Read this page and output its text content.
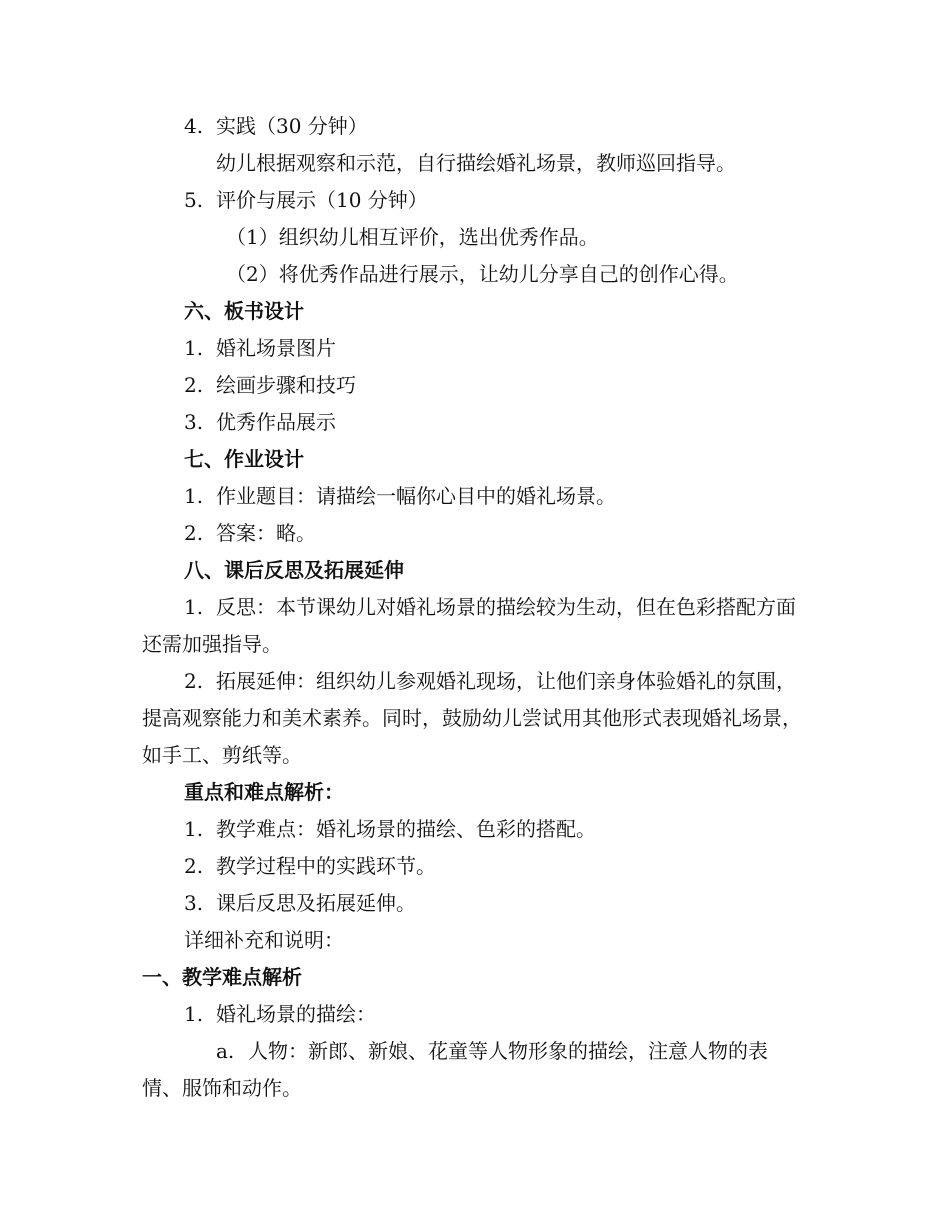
4. 实践（30 分钟）

幼儿根据观察和示范，自行描绘婚礼场景，教师巡回指导。

5. 评价与展示（10 分钟）

（1）组织幼儿相互评价，选出优秀作品。

（2）将优秀作品进行展示，让幼儿分享自己的创作心得。

六、板书设计

1. 婚礼场景图片

2. 绘画步骤和技巧

3. 优秀作品展示

七、作业设计

1. 作业题目：请描绘一幅你心目中的婚礼场景。

2. 答案：略。

八、课后反思及拓展延伸

1. 反思：本节课幼儿对婚礼场景的描绘较为生动，但在色彩搭配方面还需加强指导。

2. 拓展延伸：组织幼儿参观婚礼现场，让他们亲身体验婚礼的氛围，提高观察能力和美术素养。同时，鼓励幼儿尝试用其他形式表现婚礼场景，如手工、剪纸等。

重点和难点解析：

1. 教学难点：婚礼场景的描绘、色彩的搭配。

2. 教学过程中的实践环节。

3. 课后反思及拓展延伸。

详细补充和说明：

一、教学难点解析

1. 婚礼场景的描绘：

a. 人物：新郎、新娘、花童等人物形象的描绘，注意人物的表情、服饰和动作。
